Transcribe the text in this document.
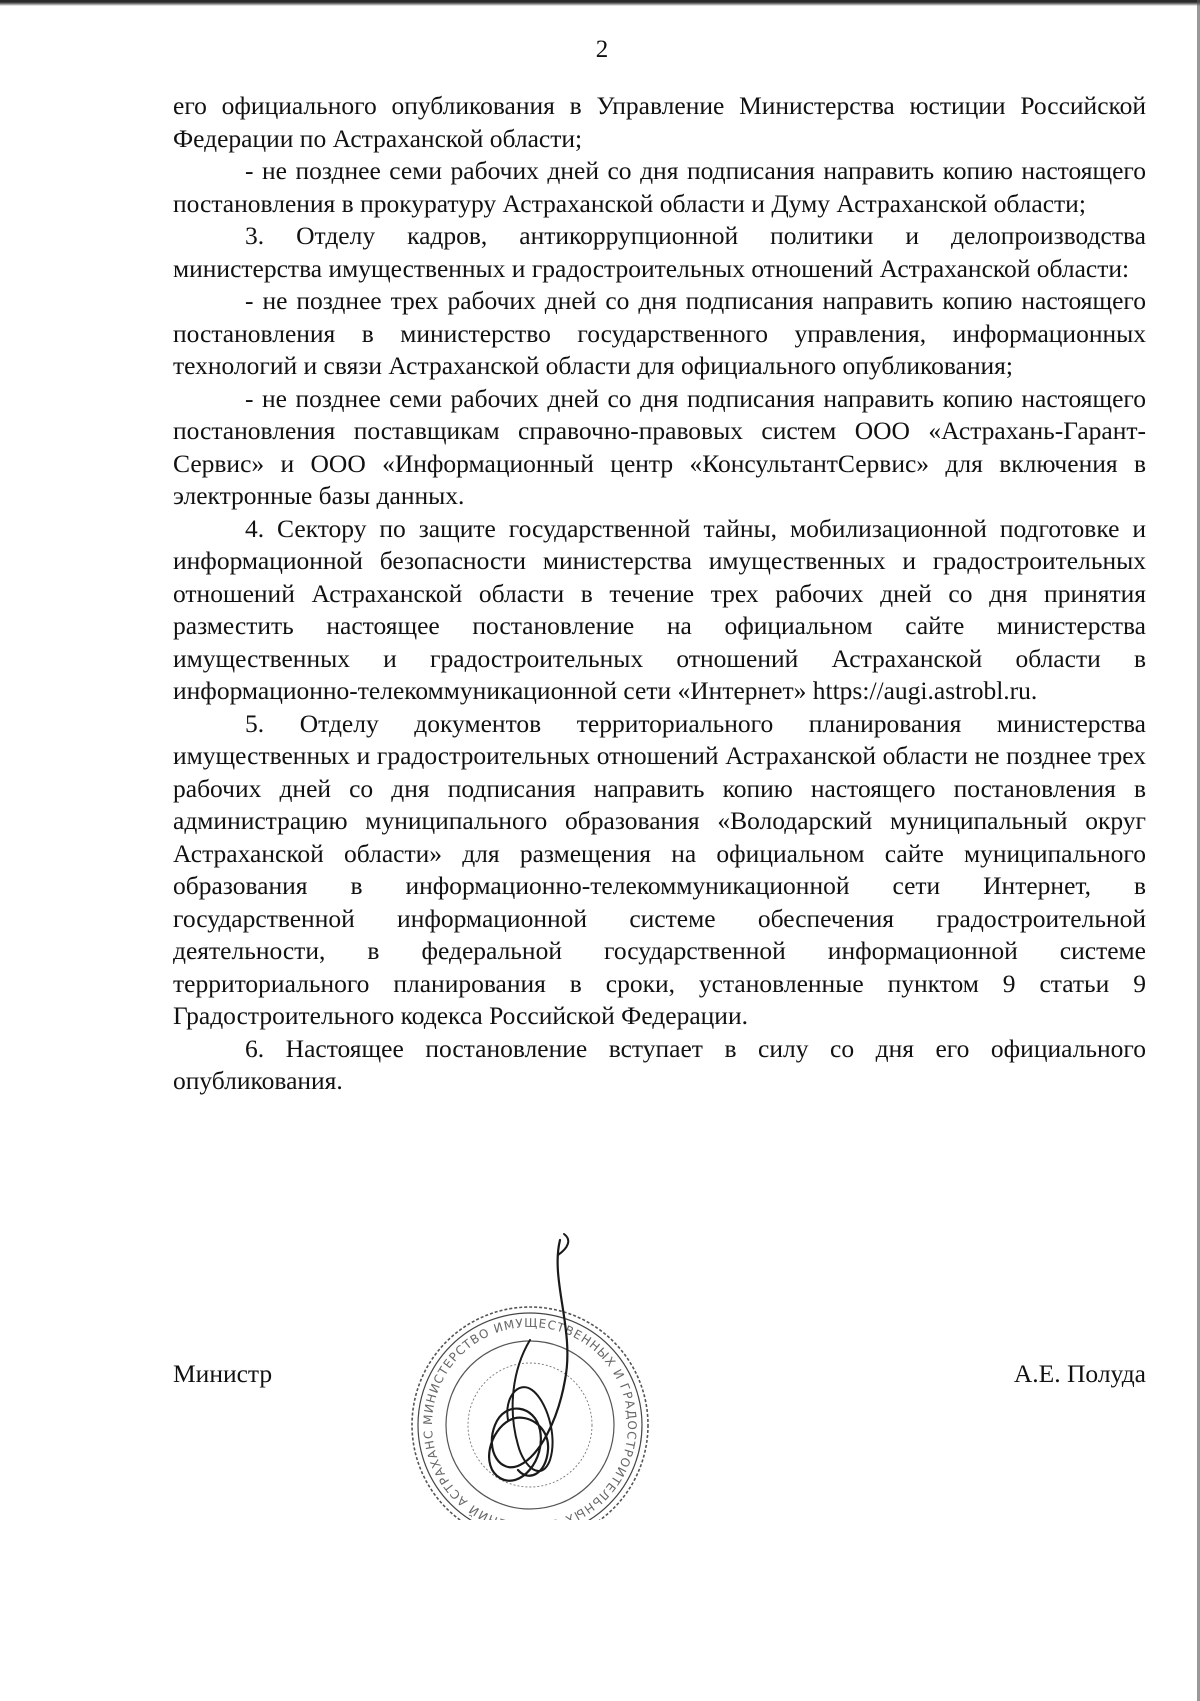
2

его официального опубликования в Управление Министерства юстиции Российской Федерации по Астраханской области;

- не позднее семи рабочих дней со дня подписания направить копию настоящего постановления в прокуратуру Астраханской области и Думу Астраханской области;

3. Отделу кадров, антикоррупционной политики и делопроизводства министерства имущественных и градостроительных отношений Астраханской области:

- не позднее трех рабочих дней со дня подписания направить копию настоящего постановления в министерство государственного управления, информационных технологий и связи Астраханской области для официального опубликования;

- не позднее семи рабочих дней со дня подписания направить копию настоящего постановления поставщикам справочно-правовых систем ООО «Астрахань-Гарант-Сервис» и ООО «Информационный центр «КонсультантСервис» для включения в электронные базы данных.

4. Сектору по защите государственной тайны, мобилизационной подготовке и информационной безопасности министерства имущественных и градостроительных отношений Астраханской области в течение трех рабочих дней со дня принятия разместить настоящее постановление на официальном сайте министерства имущественных и градостроительных отношений Астраханской области в информационно-телекоммуникационной сети «Интернет» https://augi.astrobl.ru.

5. Отделу документов территориального планирования министерства имущественных и градостроительных отношений Астраханской области не позднее трех рабочих дней со дня подписания направить копию настоящего постановления в администрацию муниципального образования «Володарский муниципальный округ Астраханской области» для размещения на официальном сайте муниципального образования в информационно-телекоммуникационной сети Интернет, в государственной информационной системе обеспечения градостроительной деятельности, в федеральной государственной информационной системе территориального планирования в сроки, установленные пунктом 9 статьи 9 Градостроительного кодекса Российской Федерации.

6. Настоящее постановление вступает в силу со дня его официального опубликования.

Министр	А.Е. Полуда
МИНИСТЕРСТВО ИМУЩЕСТВЕННЫХ И ГРАДОСТРОИТЕЛЬНЫХ НИЙ АСТРАХАНС
